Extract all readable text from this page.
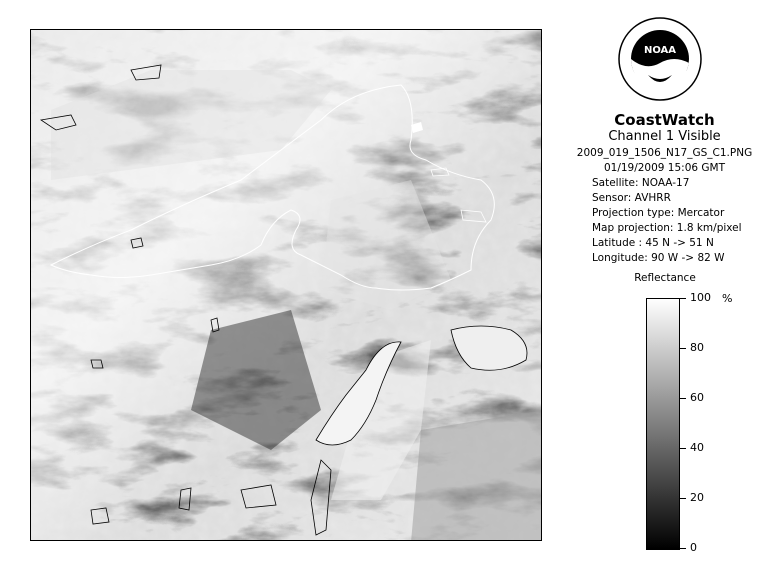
NOAA
CoastWatch
Channel 1 Visible
2009_019_1506_N17_GS_C1.PNG
01/19/2009 15:06 GMT
Satellite: NOAA-17
Sensor: AVHRR
Projection type: Mercator
Map projection: 1.8 km/pixel
Latitude : 45 N -> 51 N
Longitude: 90 W -> 82 W
Reflectance
%
100
80
60
40
20
0
